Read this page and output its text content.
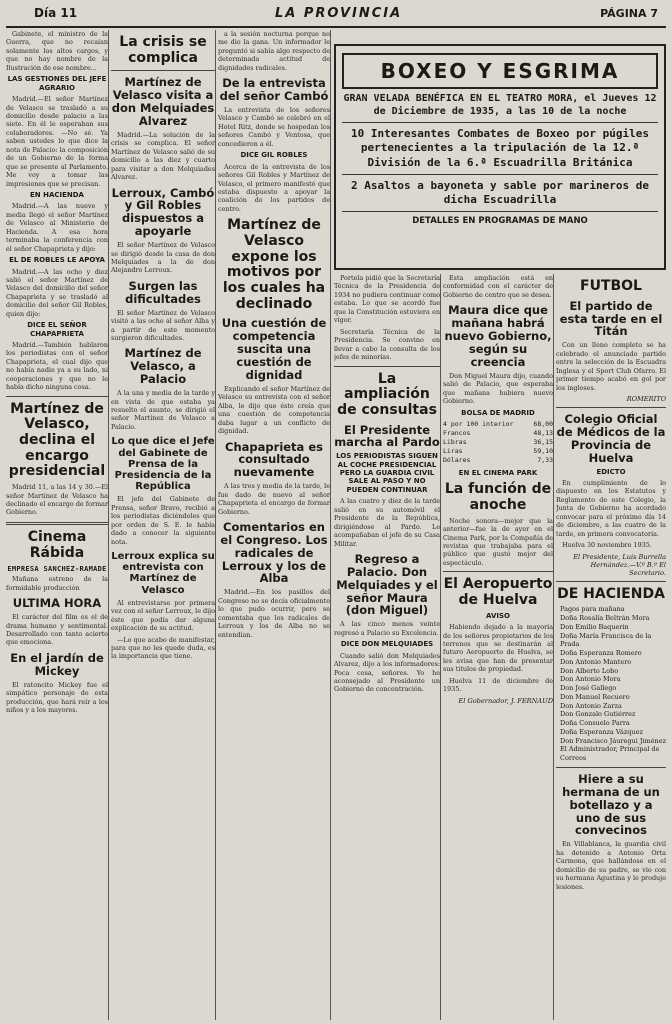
Día 11	LA PROVINCIA	PÁGINA 7

Gabinete, el ministro de la Guerra, que no recaían solamente los altos cargos, y que no hay nombre de la Ilustración de ese nombre...

LAS GESTIONES DEL JEFE AGRARIO

Madrid.—El señor Martínez de Velasco se trasladó a su domicilio desde palacio a las siete. En él le esperaban sus colaboradores. —No sé. Ya saben ustedes lo que dice la nota de Palacio: la composición de un Gobierno de la forma que se presente al Parlamento. Me voy a tomar las impresiones que se precisan.

EN HACIENDA

Madrid.—A las nueve y media llegó el señor Martínez de Velasco al Ministerio de Hacienda. A esa hora terminaba la conferencia con el señor Chapaprieta y dijo:

EL DE ROBLES LE APOYA

Madrid.—A las ocho y diez salió el señor Martínez de Velasco del domicilio del señor Chapaprieta y se trasladó al domicilio del señor Gil Robles, quien dijo:

DICE EL SEÑOR CHAPAPRIETA

Madrid.—También hablaron los periodistas con el señor Chapaprieta, el cual dijo que no había nadie ya a su lado, ni cooperaciones y que no le había dicho ninguna cosa.

Martínez de Velasco, declina el encargo presidencial

Madrid 11, a las 14 y 30.—El señor Martínez de Velasco ha declinado el encargo de formar Gobierno.

Cinema Rábida
EMPRESA SANCHEZ-RAMADE

Mañana estreno de la formidable producción

ULTIMA HORA

El carácter del film es el de drama humano y sentimental. Desarrollado con tanto acierto que emociona.

En el jardín de Mickey

El ratoncito Mickey fue el simpático personaje de esta producción, que hará reír a los niños y a los mayores.

La crisis se complica
Martínez de Velasco visita a don Melquiades Alvarez

Madrid.—La solución de la crisis se complica. El señor Martínez de Velasco salió de su domicilio a las diez y cuarto para visitar a don Melquiades Alvarez.

Lerroux, Cambó y Gil Robles dispuestos a apoyarle

El señor Martínez de Velasco se dirigió desde la casa de don Melquiades a la de don Alejandro Lerroux.

Surgen las dificultades

El señor Martínez de Velasco visitó a las ocho al señor Alba y a partir de este momento surgieron dificultades.

Martínez de Velasco, a Palacio

A la una y media de la tarde y en vista de que estaba ya resuelto el asunto, se dirigió el señor Martínez de Velasco a Palacio.

Lo que dice el Jefe del Gabinete de Prensa de la Presidencia de la República

El jefe del Gabinete de Prensa, señor Bravo, recibió a los periodistas diciéndoles que por orden de S. E. le había dado a conocer la siguiente nota.

Lerroux explica su entrevista con Martínez de Velasco

Al entrevistarse por primera vez con el señor Lerroux, le dijo éste que podía dar alguna explicación de su actitud.

—Lo que acabo de manifestar, para que no les quede duda, es la importancia que tiene.

a la sesión nocturna porque no me dio la gana. Un informador le preguntó si sabía algo respecto de determinada actitud de dignidades radicales.

De la entrevista del señor Cambó

La entrevista de los señores Velasco y Cambó se celebró en el Hotel Ritz, donde se hospedan los señores Cambó y Ventosa, que concedieron a él.

DICE GIL ROBLES

Acerca de la entrevista de los señores Gil Robles y Martínez de Velasco, el primero manifestó que estaba dispuesto a apoyar la coalición de los partidos de centro.

Martínez de Velasco expone los motivos por los cuales ha declinado
Una cuestión de competencia suscita una cuestión de dignidad

Explicando el señor Martínez de Velasco su entrevista con el señor Alba, le dijo que éste creía que una cuestión de competencia daba lugar a un conflicto de dignidad.

Chapaprieta es consultado nuevamente

A las tres y media de la tarde, le fue dado de nuevo al señor Chapaprieta el encargo de formar Gobierno.

Comentarios en el Congreso. Los radicales de Lerroux y los de Alba

Madrid.—En los pasillos del Congreso no se decía oficialmente lo que pudo ocurrir, pero se comentaba que los radicales de Lerroux y los de Alba no se entendían.

BOXEO Y ESGRIMA
GRAN VELADA BENÉFICA EN EL TEATRO MORA, el Jueves 12 de Diciembre de 1935, a las 10 de la noche
10 Interesantes Combates de Boxeo por púgiles pertenecientes a la tripulación de la 12.ª División de la 6.ª Escuadrilla Británica
2 Asaltos a bayoneta y sable por marineros de dicha Escuadrilla
DETALLES EN PROGRAMAS DE MANO

Portela pidió que la Secretaría Técnica de la Presidencia de 1934 no pudiera continuar como estaba. Lo que se acordó fue que la Constitución estuviera en vigor.

Secretaría Técnica de la Presidencia. Se convino en llevar a cabo la consulta de los jefes de minorías.

La ampliación de consultas
El Presidente marcha al Pardo
LOS PERIODISTAS SIGUEN AL COCHE PRESIDENCIAL PERO LA GUARDIA CIVIL SALE AL PASO Y NO PUEDEN CONTINUAR

A las cuatro y diez de la tarde salió en su automóvil el Presidente de la República, dirigiéndose al Pardo. Le acompañaban el jefe de su Casa Militar.

Regreso a Palacio. Don Melquiades y el señor Maura (don Miguel)

A las cinco menos veinte regresó a Palacio su Excelencia.

DICE DON MELQUIADES

Cuando salió don Melquiades Alvarez, dijo a los informadores: Poca cosa, señores. Yo he aconsejado al Presidente un Gobierno de concentración.

Esta ampliación está en conformidad con el carácter de Gobierno de centro que se desea.

Maura dice que mañana habrá nuevo Gobierno, según su creencia

Don Miguel Maura dijo, cuando salió de Palacio, que esperaba que mañana hubiera nuevo Gobierno.

BOLSA DE MADRID
4 por 100 interior	68,00
Francos	48,13
Libras	36,15
Liras	59,10
Dólares	7,33
EN EL CINEMA PARK
La función de anoche

Noche sonora—mejor que la anterior—fue la de ayer en el Cinema Park, por la Compañía de revistas que trabajaba para el público que gustó mejor del espectáculo.

El Aeropuerto de Huelva
AVISO

Habiendo dejado a la mayoría de los señores propietarios de los terrenos que se destinarán al futuro Aeropuerto de Huelva, se les avisa que han de presentar sus títulos de propiedad.

Huelva 11 de diciembre de 1935.

El Gobernador, J. FERNAUD
FUTBOL
El partido de esta tarde en el Titán

Con un lleno completo se ha celebrado el anunciado partido entre la selección de la Escuadra Inglesa y el Sport Club Ofarro. El primer tiempo acabó en gol por los ingleses.

ROMERITO
Colegio Oficial de Médicos de la Provincia de Huelva
EDICTO

En cumplimiento de lo dispuesto en los Estatutos y Reglamento de este Colegio, la Junta de Gobierno ha acordado convocar para el próximo día 14 de diciembre, a las cuatro de la tarde, en primera convocatoria.

Huelva 30 noviembre 1935.

El Presidente, Luis Burrella Hernández.—V.º B.º El Secretario.
DE HACIENDA
Pagos para mañana
Doña Rosalía Beltrán Mora
Don Emilio Baquerin
Doña María Francisca de la Prada
Doña Esperanza Romero
Don Antonio Mantero
Don Alberto Lobo
Don Antonio Mora
Don José Gallego
Don Manuel Recuero
Don Antonio Zarza
Don Gonzalo Gutiérrez
Doña Consuelo Parra
Doña Esperanza Vázquez
Don Francisco Jáuregui Jiménez
El Administrador, Principal de Correos
Hiere a su hermana de un botellazo y a uno de sus convecinos

En Villablanca, la guardia civil ha detenido a Antonio Orta Carmona, que hallándose en el domicilio de su padre, se vio con su hermana Agustina y le produjo lesiones.
